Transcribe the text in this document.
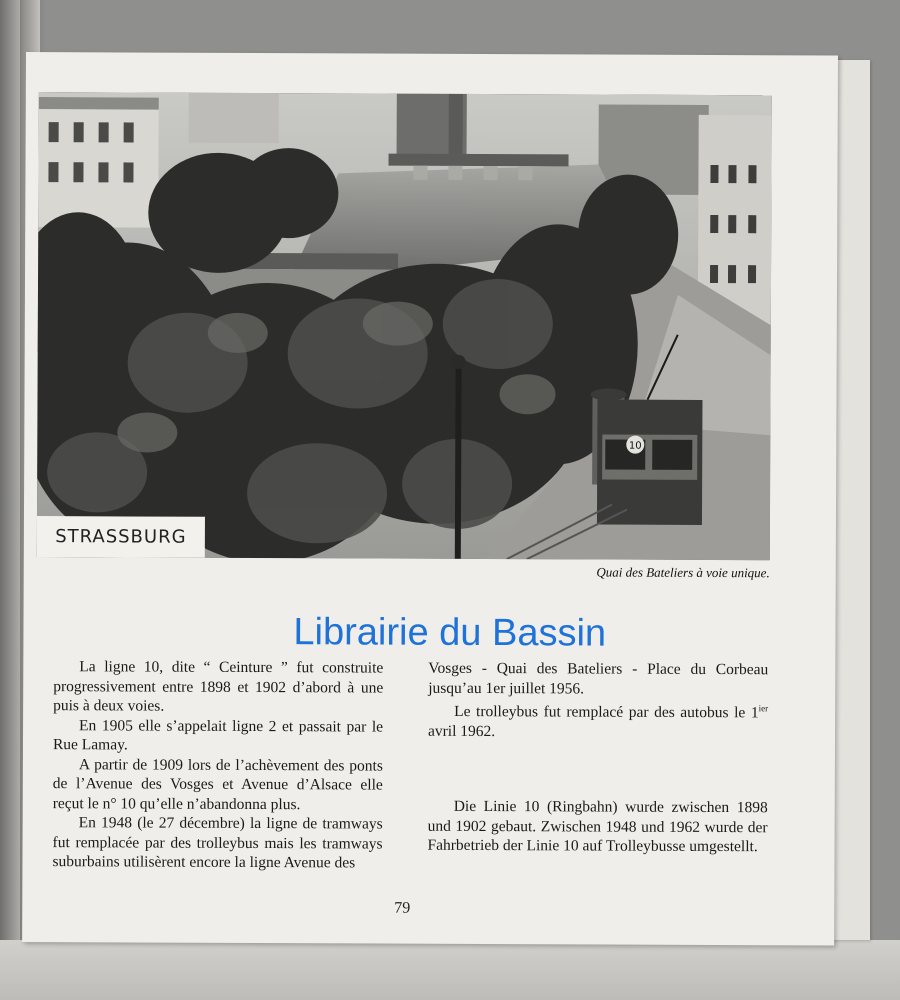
10
STRASSBURG
Quai des Bateliers à voie unique.
Librairie du Bassin

La ligne 10, dite “ Ceinture ” fut construite progressivement entre 1898 et 1902 d’abord à une puis à deux voies.

En 1905 elle s’appelait ligne 2 et passait par le Rue Lamay.

A partir de 1909 lors de l’achèvement des ponts de l’Avenue des Vosges et Avenue d’Alsace elle reçut le n° 10 qu’elle n’abandonna plus.

En 1948 (le 27 décembre) la ligne de tramways fut remplacée par des trolleybus mais les tramways suburbains utilisèrent encore la ligne Avenue des

Vosges - Quai des Bateliers - Place du Corbeau jusqu’au 1er juillet 1956.

Le trolleybus fut remplacé par des autobus le $1^{ier}$ avril 1962.

Die Linie 10 (Ringbahn) wurde zwischen 1898 und 1902 gebaut. Zwischen 1948 und 1962 wurde der Fahrbetrieb der Linie 10 auf Trolleybusse umgestellt.

79
